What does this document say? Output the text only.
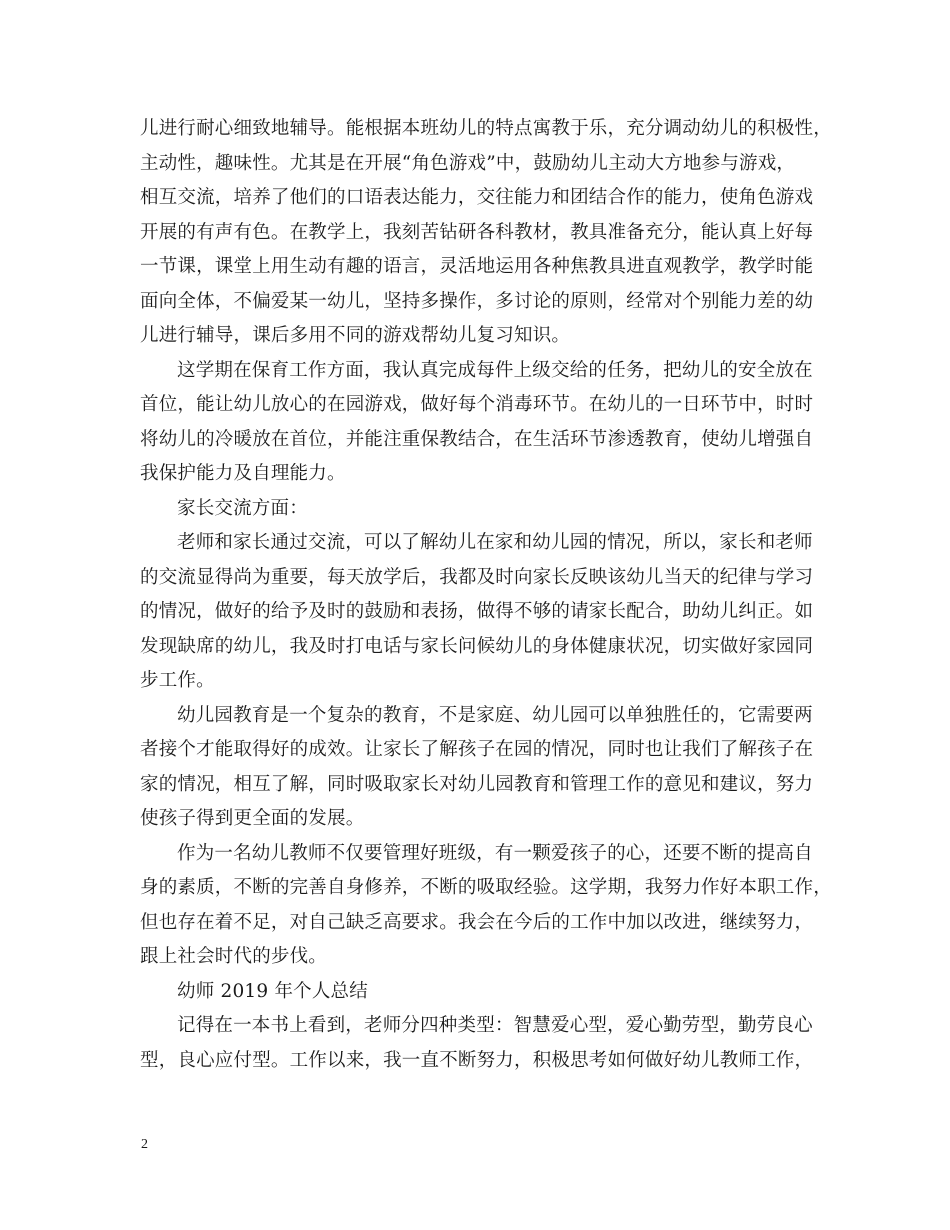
儿进行耐心细致地辅导。能根据本班幼儿的特点寓教于乐，充分调动幼儿的积极性，
主动性，趣味性。尤其是在开展“角色游戏”中，鼓励幼儿主动大方地参与游戏，
相互交流，培养了他们的口语表达能力，交往能力和团结合作的能力，使角色游戏
开展的有声有色。在教学上，我刻苦钻研各科教材，教具准备充分，能认真上好每
一节课，课堂上用生动有趣的语言，灵活地运用各种焦教具进直观教学，教学时能
面向全体，不偏爱某一幼儿，坚持多操作，多讨论的原则，经常对个别能力差的幼
儿进行辅导，课后多用不同的游戏帮幼儿复习知识。
这学期在保育工作方面，我认真完成每件上级交给的任务，把幼儿的安全放在
首位，能让幼儿放心的在园游戏，做好每个消毒环节。在幼儿的一日环节中，时时
将幼儿的冷暖放在首位，并能注重保教结合，在生活环节渗透教育，使幼儿增强自
我保护能力及自理能力。
家长交流方面：
老师和家长通过交流，可以了解幼儿在家和幼儿园的情况，所以，家长和老师
的交流显得尚为重要，每天放学后，我都及时向家长反映该幼儿当天的纪律与学习
的情况，做好的给予及时的鼓励和表扬，做得不够的请家长配合，助幼儿纠正。如
发现缺席的幼儿，我及时打电话与家长问候幼儿的身体健康状况，切实做好家园同
步工作。
幼儿园教育是一个复杂的教育，不是家庭、幼儿园可以单独胜任的，它需要两
者接个才能取得好的成效。让家长了解孩子在园的情况，同时也让我们了解孩子在
家的情况，相互了解，同时吸取家长对幼儿园教育和管理工作的意见和建议，努力
使孩子得到更全面的发展。
作为一名幼儿教师不仅要管理好班级，有一颗爱孩子的心，还要不断的提高自
身的素质，不断的完善自身修养，不断的吸取经验。这学期，我努力作好本职工作，
但也存在着不足，对自己缺乏高要求。我会在今后的工作中加以改进，继续努力，
跟上社会时代的步伐。
幼师 2019 年个人总结
记得在一本书上看到，老师分四种类型：智慧爱心型，爱心勤劳型，勤劳良心
型，良心应付型。工作以来，我一直不断努力，积极思考如何做好幼儿教师工作，
2
